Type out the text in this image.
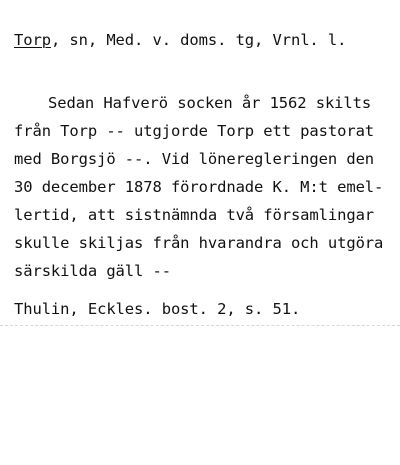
Torp, sn, Med. v. doms. tg, Vrnl. l.
Sedan Hafverö socken år 1562 skilts
från Torp -- utgjorde Torp ett pastorat
med Borgsjö --. Vid löneregleringen den
30 december 1878 förordnade K. M:t emel-
lertid, att sistnämnda två församlingar
skulle skiljas från hvarandra och utgöra
särskilda gäll --
Thulin, Eckles. bost. 2, s. 51.
